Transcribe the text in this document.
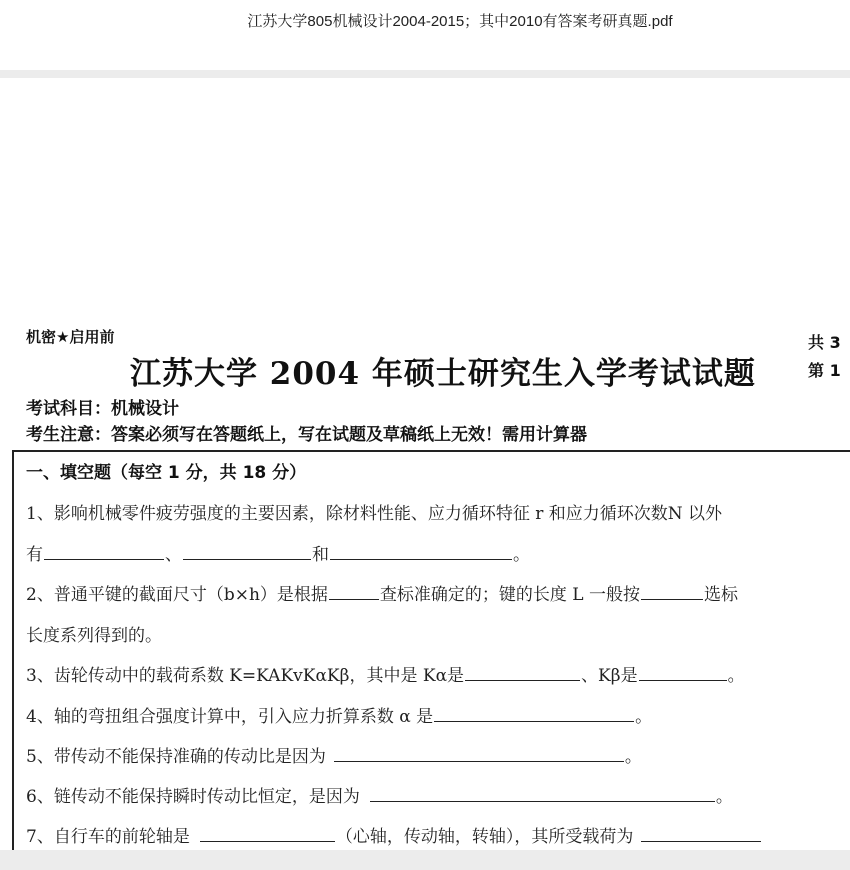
江苏大学805机械设计2004-2015；其中2010有答案考研真题.pdf
机密★启用前
江苏大学 2004 年硕士研究生入学考试试题
共 3
第 1
考试科目：机械设计
考生注意：答案必须写在答题纸上，写在试题及草稿纸上无效！需用计算器
一、填空题（每空 1 分，共 18 分）
1、影响机械零件疲劳强度的主要因素，除材料性能、应力循环特征 r 和应力循环次数N 以外
有	、	和	。
2、普通平键的截面尺寸（b×h）是根据	查标准确定的；键的长度 L 一般按	选标
长度系列得到的。
3、齿轮传动中的载荷系数 K=KAKvKαKβ，其中是 Kα是	、Kβ是	。
4、轴的弯扭组合强度计算中，引入应力折算系数 α 是	。
5、带传动不能保持准确的传动比是因为	。
6、链传动不能保持瞬时传动比恒定，是因为	。
7、自行车的前轮轴是	（心轴，传动轴，转轴），其所受载荷为
